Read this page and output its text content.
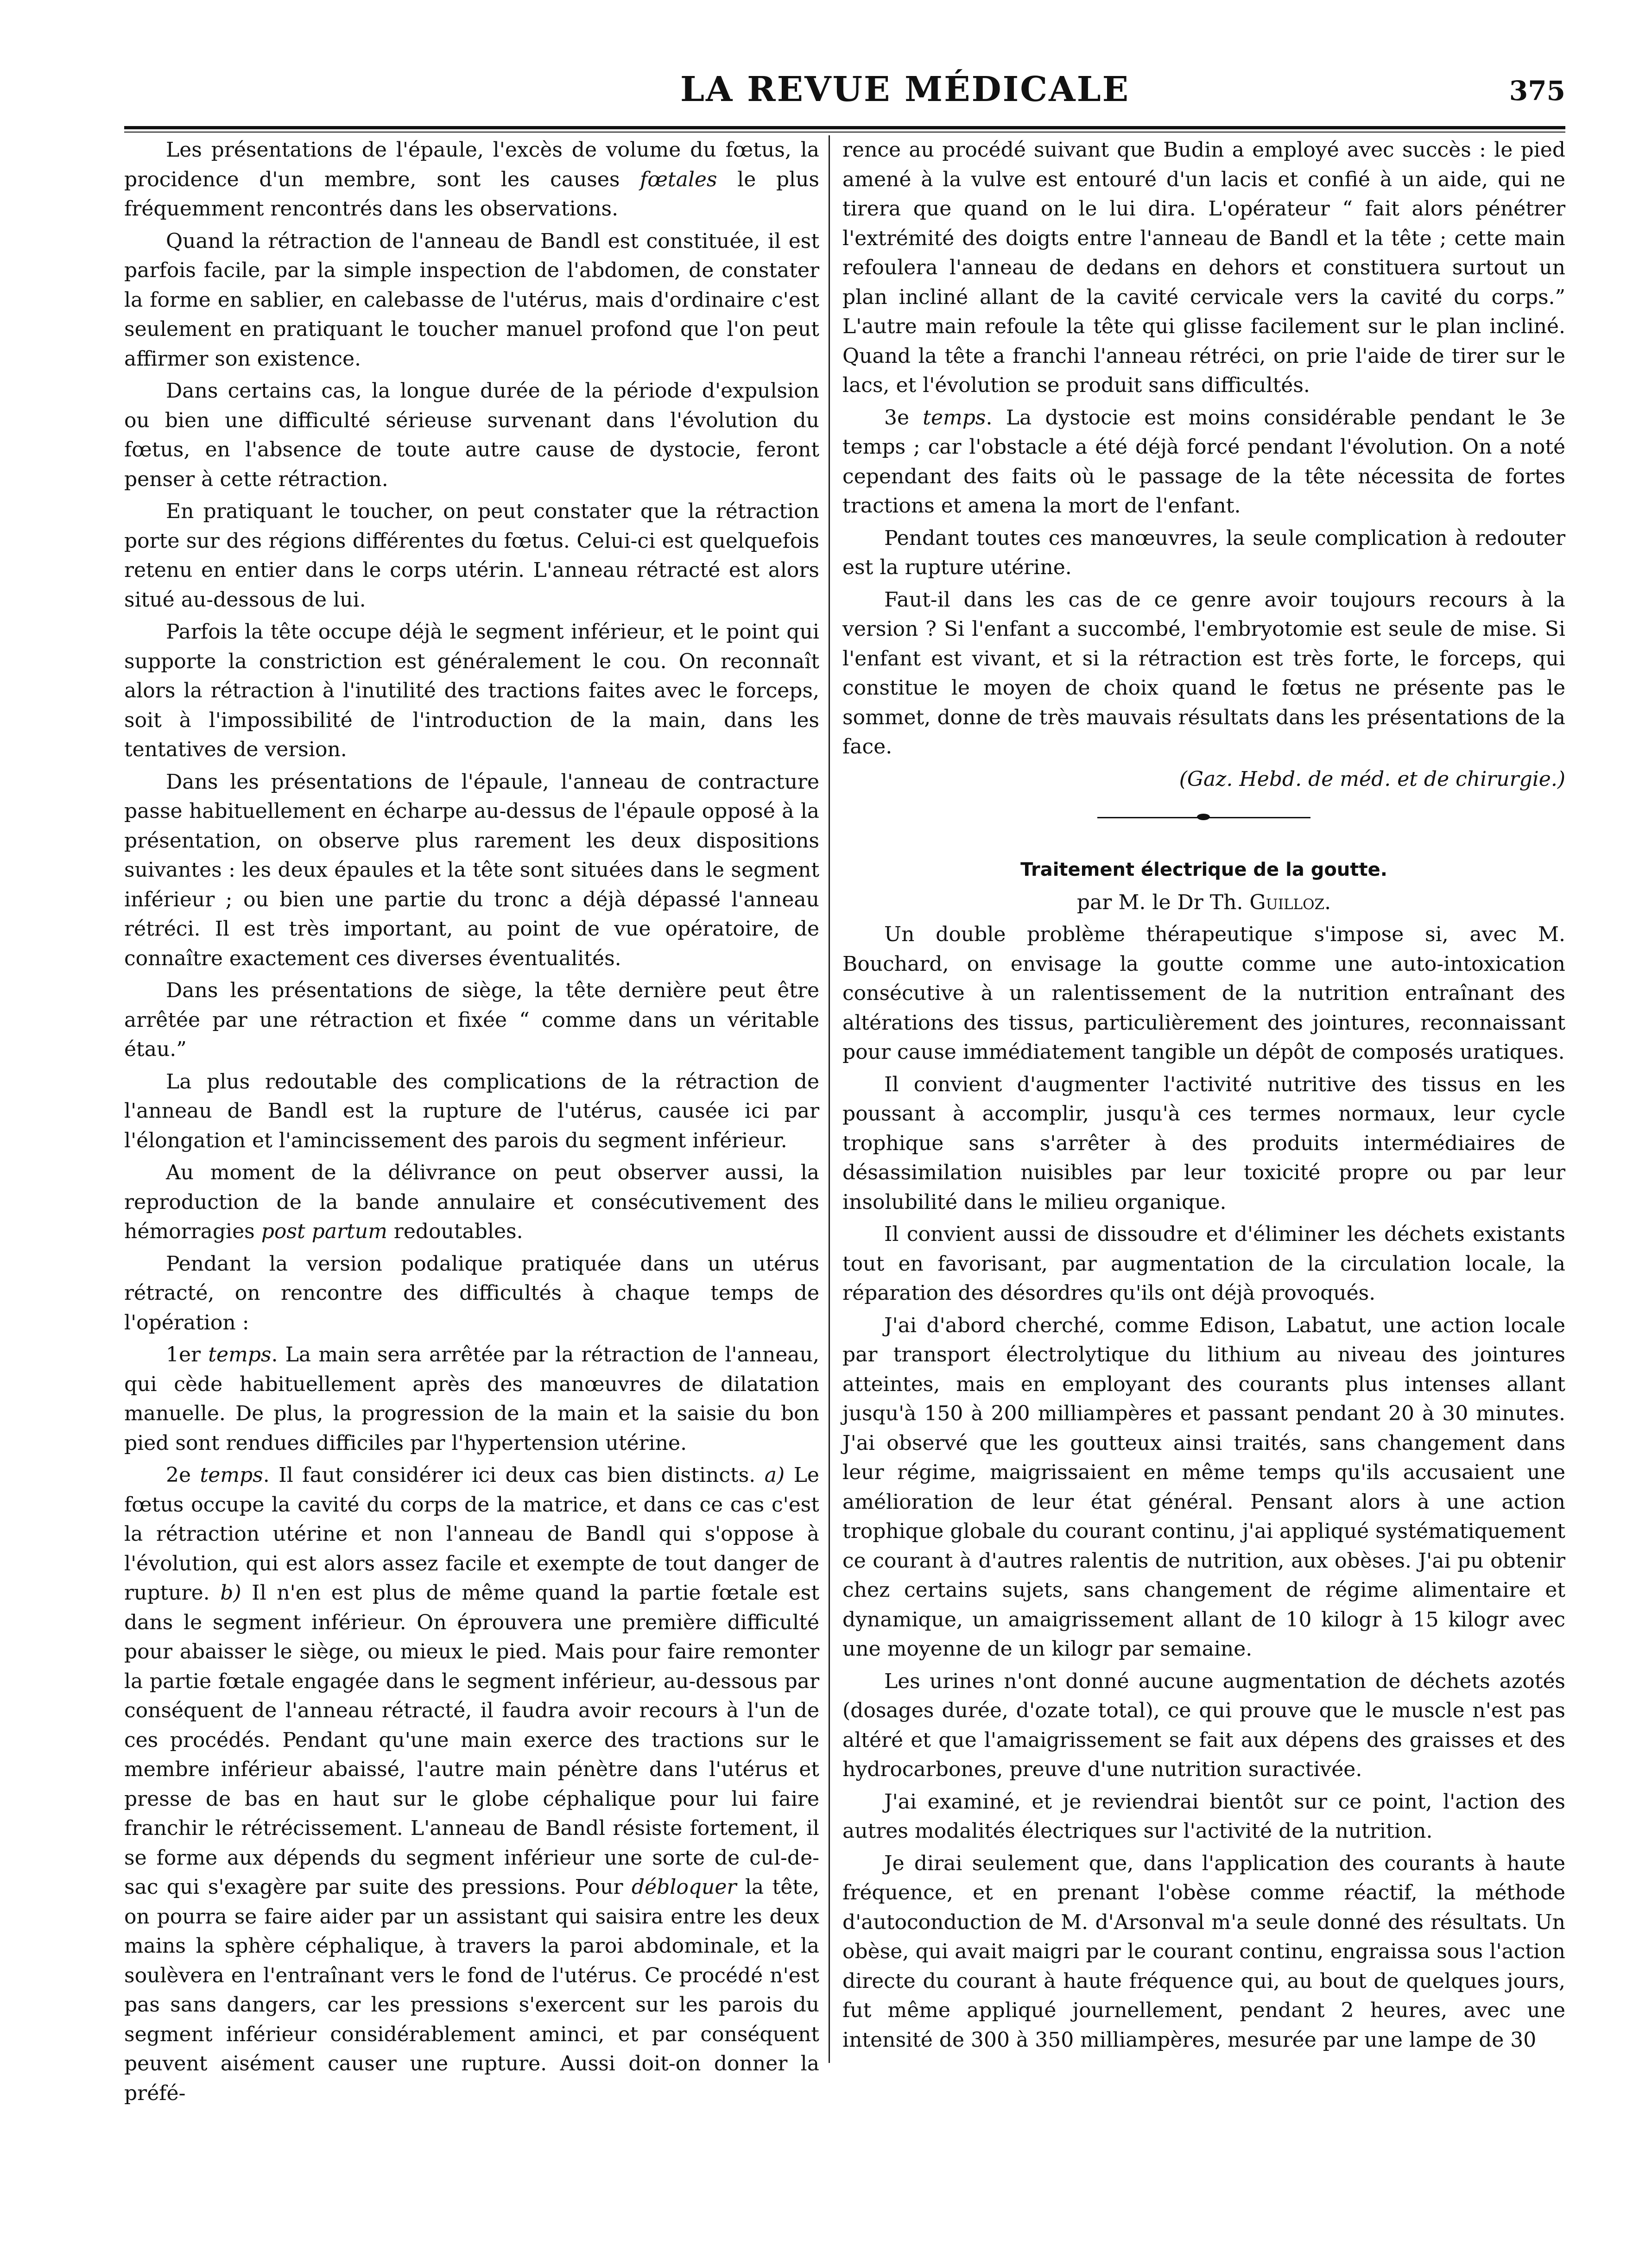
LA REVUE MÉDICALE	375

Les présentations de l'épaule, l'excès de volume du fœtus, la procidence d'un membre, sont les causes fœtales le plus fréquemment rencontrés dans les observations.

Quand la rétraction de l'anneau de Bandl est constituée, il est parfois facile, par la simple inspection de l'abdomen, de constater la forme en sablier, en calebasse de l'utérus, mais d'ordinaire c'est seulement en pratiquant le toucher manuel profond que l'on peut affirmer son existence.

Dans certains cas, la longue durée de la période d'expulsion ou bien une difficulté sérieuse survenant dans l'évolution du fœtus, en l'absence de toute autre cause de dystocie, feront penser à cette rétraction.

En pratiquant le toucher, on peut constater que la rétraction porte sur des régions différentes du fœtus. Celui-ci est quelquefois retenu en entier dans le corps utérin. L'anneau rétracté est alors situé au-dessous de lui.

Parfois la tête occupe déjà le segment inférieur, et le point qui supporte la constriction est généralement le cou. On reconnaît alors la rétraction à l'inutilité des tractions faites avec le forceps, soit à l'impossibilité de l'introduction de la main, dans les tentatives de version.

Dans les présentations de l'épaule, l'anneau de contracture passe habituellement en écharpe au-dessus de l'épaule opposé à la présentation, on observe plus rarement les deux dispositions suivantes : les deux épaules et la tête sont situées dans le segment inférieur ; ou bien une partie du tronc a déjà dépassé l'anneau rétréci. Il est très important, au point de vue opératoire, de connaître exactement ces diverses éventualités.

Dans les présentations de siège, la tête dernière peut être arrêtée par une rétraction et fixée “ comme dans un véritable étau.”

La plus redoutable des complications de la rétraction de l'anneau de Bandl est la rupture de l'utérus, causée ici par l'élongation et l'amincissement des parois du segment inférieur.

Au moment de la délivrance on peut observer aussi, la reproduction de la bande annulaire et consécutivement des hémorragies post partum redoutables.

Pendant la version podalique pratiquée dans un utérus rétracté, on rencontre des difficultés à chaque temps de l'opération :

1er temps. La main sera arrêtée par la rétraction de l'anneau, qui cède habituellement après des manœuvres de dilatation manuelle. De plus, la progression de la main et la saisie du bon pied sont rendues difficiles par l'hypertension utérine.

2e temps. Il faut considérer ici deux cas bien distincts. a) Le fœtus occupe la cavité du corps de la matrice, et dans ce cas c'est la rétraction utérine et non l'anneau de Bandl qui s'oppose à l'évolution, qui est alors assez facile et exempte de tout danger de rupture. b) Il n'en est plus de même quand la partie fœtale est dans le segment inférieur. On éprouvera une première difficulté pour abaisser le siège, ou mieux le pied. Mais pour faire remonter la partie fœtale engagée dans le segment inférieur, au-dessous par conséquent de l'anneau rétracté, il faudra avoir recours à l'un de ces procédés. Pendant qu'une main exerce des tractions sur le membre inférieur abaissé, l'autre main pénètre dans l'utérus et presse de bas en haut sur le globe céphalique pour lui faire franchir le rétrécissement. L'anneau de Bandl résiste fortement, il se forme aux dépends du segment inférieur une sorte de cul-de-sac qui s'exagère par suite des pressions. Pour débloquer la tête, on pourra se faire aider par un assistant qui saisira entre les deux mains la sphère céphalique, à travers la paroi abdominale, et la soulèvera en l'entraînant vers le fond de l'utérus. Ce procédé n'est pas sans dangers, car les pressions s'exercent sur les parois du segment inférieur considérablement aminci, et par conséquent peuvent aisément causer une rupture. Aussi doit-on donner la préfé-

rence au procédé suivant que Budin a employé avec succès : le pied amené à la vulve est entouré d'un lacis et confié à un aide, qui ne tirera que quand on le lui dira. L'opérateur “ fait alors pénétrer l'extrémité des doigts entre l'anneau de Bandl et la tête ; cette main refoulera l'anneau de dedans en dehors et constituera surtout un plan incliné allant de la cavité cervicale vers la cavité du corps.” L'autre main refoule la tête qui glisse facilement sur le plan incliné. Quand la tête a franchi l'anneau rétréci, on prie l'aide de tirer sur le lacs, et l'évolution se produit sans difficultés.

3e temps. La dystocie est moins considérable pendant le 3e temps ; car l'obstacle a été déjà forcé pendant l'évolution. On a noté cependant des faits où le passage de la tête nécessita de fortes tractions et amena la mort de l'enfant.

Pendant toutes ces manœuvres, la seule complication à redouter est la rupture utérine.

Faut-il dans les cas de ce genre avoir toujours recours à la version ? Si l'enfant a succombé, l'embryotomie est seule de mise. Si l'enfant est vivant, et si la rétraction est très forte, le forceps, qui constitue le moyen de choix quand le fœtus ne présente pas le sommet, donne de très mauvais résultats dans les présentations de la face.

(Gaz. Hebd. de méd. et de chirurgie.)

Traitement électrique de la goutte.

par M. le Dr Th. Guilloz.

Un double problème thérapeutique s'impose si, avec M. Bouchard, on envisage la goutte comme une auto-intoxication consécutive à un ralentissement de la nutrition entraînant des altérations des tissus, particulièrement des jointures, reconnaissant pour cause immédiatement tangible un dépôt de composés uratiques.

Il convient d'augmenter l'activité nutritive des tissus en les poussant à accomplir, jusqu'à ces termes normaux, leur cycle trophique sans s'arrêter à des produits intermédiaires de désassimilation nuisibles par leur toxicité propre ou par leur insolubilité dans le milieu organique.

Il convient aussi de dissoudre et d'éliminer les déchets existants tout en favorisant, par augmentation de la circulation locale, la réparation des désordres qu'ils ont déjà provoqués.

J'ai d'abord cherché, comme Edison, Labatut, une action locale par transport électrolytique du lithium au niveau des jointures atteintes, mais en employant des courants plus intenses allant jusqu'à 150 à 200 milliampères et passant pendant 20 à 30 minutes. J'ai observé que les goutteux ainsi traités, sans changement dans leur régime, maigrissaient en même temps qu'ils accusaient une amélioration de leur état général. Pensant alors à une action trophique globale du courant continu, j'ai appliqué systématiquement ce courant à d'autres ralentis de nutrition, aux obèses. J'ai pu obtenir chez certains sujets, sans changement de régime alimentaire et dynamique, un amaigrissement allant de 10 kilogr à 15 kilogr avec une moyenne de un kilogr par semaine.

Les urines n'ont donné aucune augmentation de déchets azotés (dosages durée, d'ozate total), ce qui prouve que le muscle n'est pas altéré et que l'amaigrissement se fait aux dépens des graisses et des hydrocarbones, preuve d'une nutrition suractivée.

J'ai examiné, et je reviendrai bientôt sur ce point, l'action des autres modalités électriques sur l'activité de la nutrition.

Je dirai seulement que, dans l'application des courants à haute fréquence, et en prenant l'obèse comme réactif, la méthode d'autoconduction de M. d'Arsonval m'a seule donné des résultats. Un obèse, qui avait maigri par le courant continu, engraissa sous l'action directe du courant à haute fréquence qui, au bout de quelques jours, fut même appliqué journellement, pendant 2 heures, avec une intensité de 300 à 350 milliampères, mesurée par une lampe de 30
